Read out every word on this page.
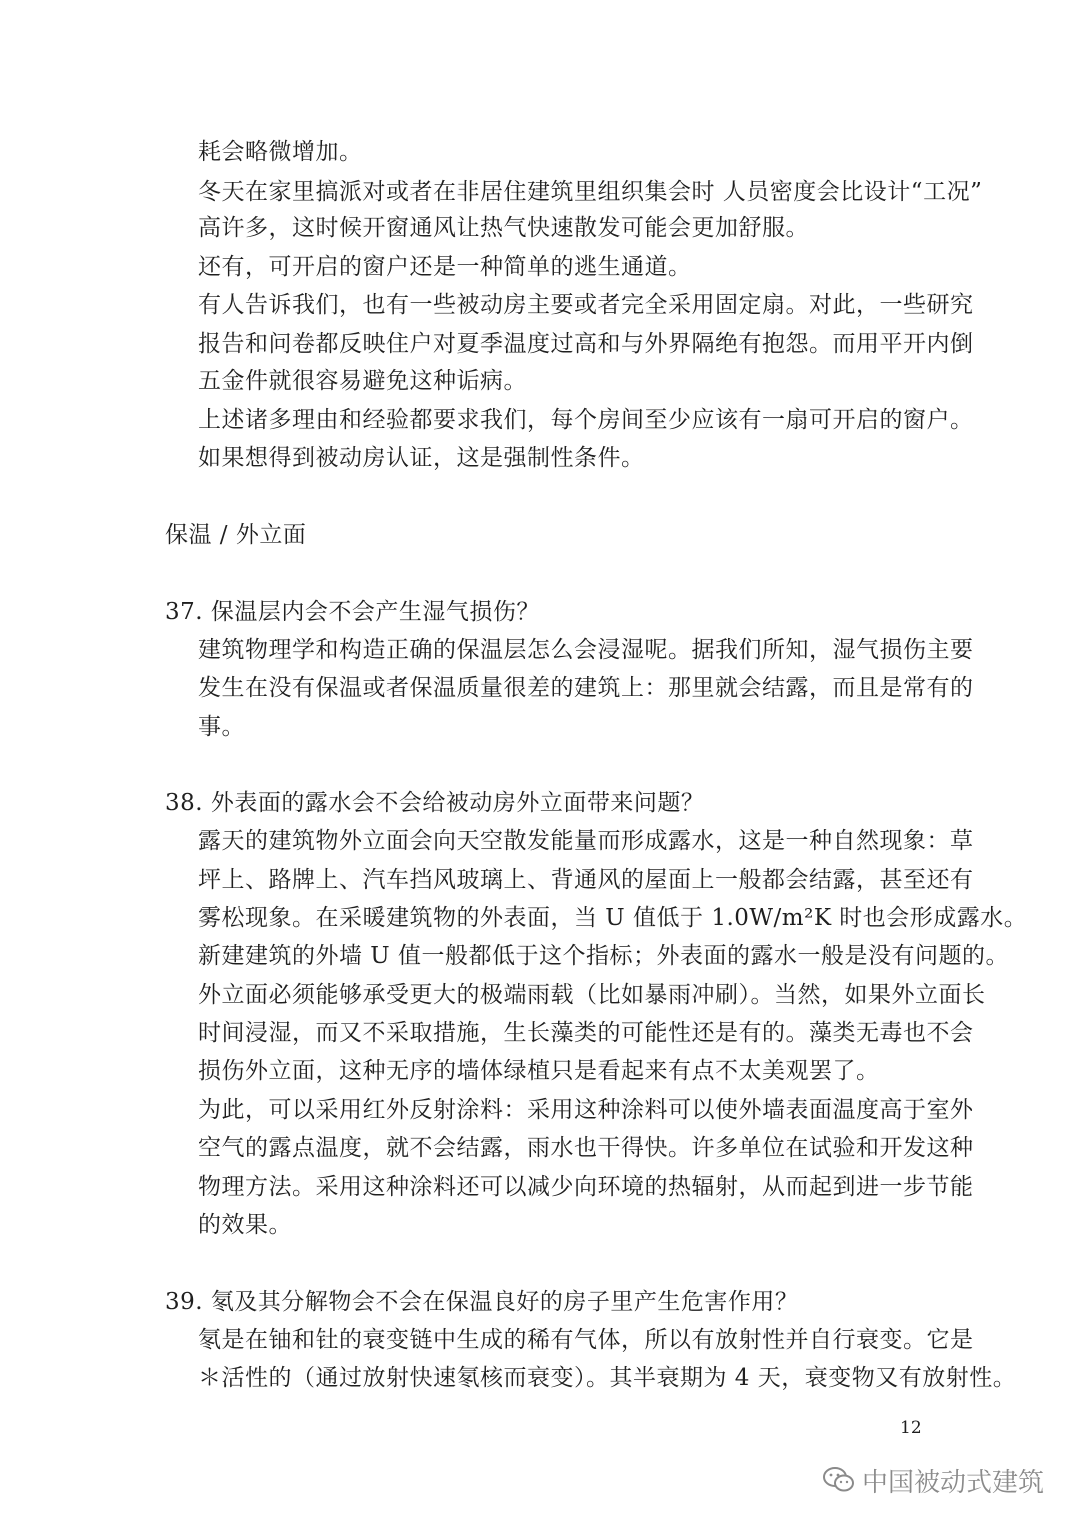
耗会略微增加。
冬天在家里搞派对或者在非居住建筑里组织集会时 人员密度会比设计“工况”
高许多，这时候开窗通风让热气快速散发可能会更加舒服。
还有，可开启的窗户还是一种简单的逃生通道。
有人告诉我们，也有一些被动房主要或者完全采用固定扇。对此，一些研究
报告和问卷都反映住户对夏季温度过高和与外界隔绝有抱怨。而用平开内倒
五金件就很容易避免这种诟病。
上述诸多理由和经验都要求我们，每个房间至少应该有一扇可开启的窗户。
如果想得到被动房认证，这是强制性条件。
保温 / 外立面
37. 保温层内会不会产生湿气损伤？
建筑物理学和构造正确的保温层怎么会浸湿呢。据我们所知，湿气损伤主要
发生在没有保温或者保温质量很差的建筑上：那里就会结露，而且是常有的
事。
38. 外表面的露水会不会给被动房外立面带来问题？
露天的建筑物外立面会向天空散发能量而形成露水，这是一种自然现象：草
坪上、路牌上、汽车挡风玻璃上、背通风的屋面上一般都会结露，甚至还有
雾松现象。在采暖建筑物的外表面，当 U 值低于 1.0W/m²K 时也会形成露水。
新建建筑的外墙 U 值一般都低于这个指标；外表面的露水一般是没有问题的。
外立面必须能够承受更大的极端雨载（比如暴雨冲刷）。当然，如果外立面长
时间浸湿，而又不采取措施，生长藻类的可能性还是有的。藻类无毒也不会
损伤外立面，这种无序的墙体绿植只是看起来有点不太美观罢了。
为此，可以采用红外反射涂料：采用这种涂料可以使外墙表面温度高于室外
空气的露点温度，就不会结露，雨水也干得快。许多单位在试验和开发这种
物理方法。采用这种涂料还可以减少向环境的热辐射，从而起到进一步节能
的效果。
39. 氡及其分解物会不会在保温良好的房子里产生危害作用？
氡是在铀和钍的衰变链中生成的稀有气体，所以有放射性并自行衰变。它是
＊活性的（通过放射快速氡核而衰变）。其半衰期为 4 天，衰变物又有放射性。
12
中国被动式建筑
